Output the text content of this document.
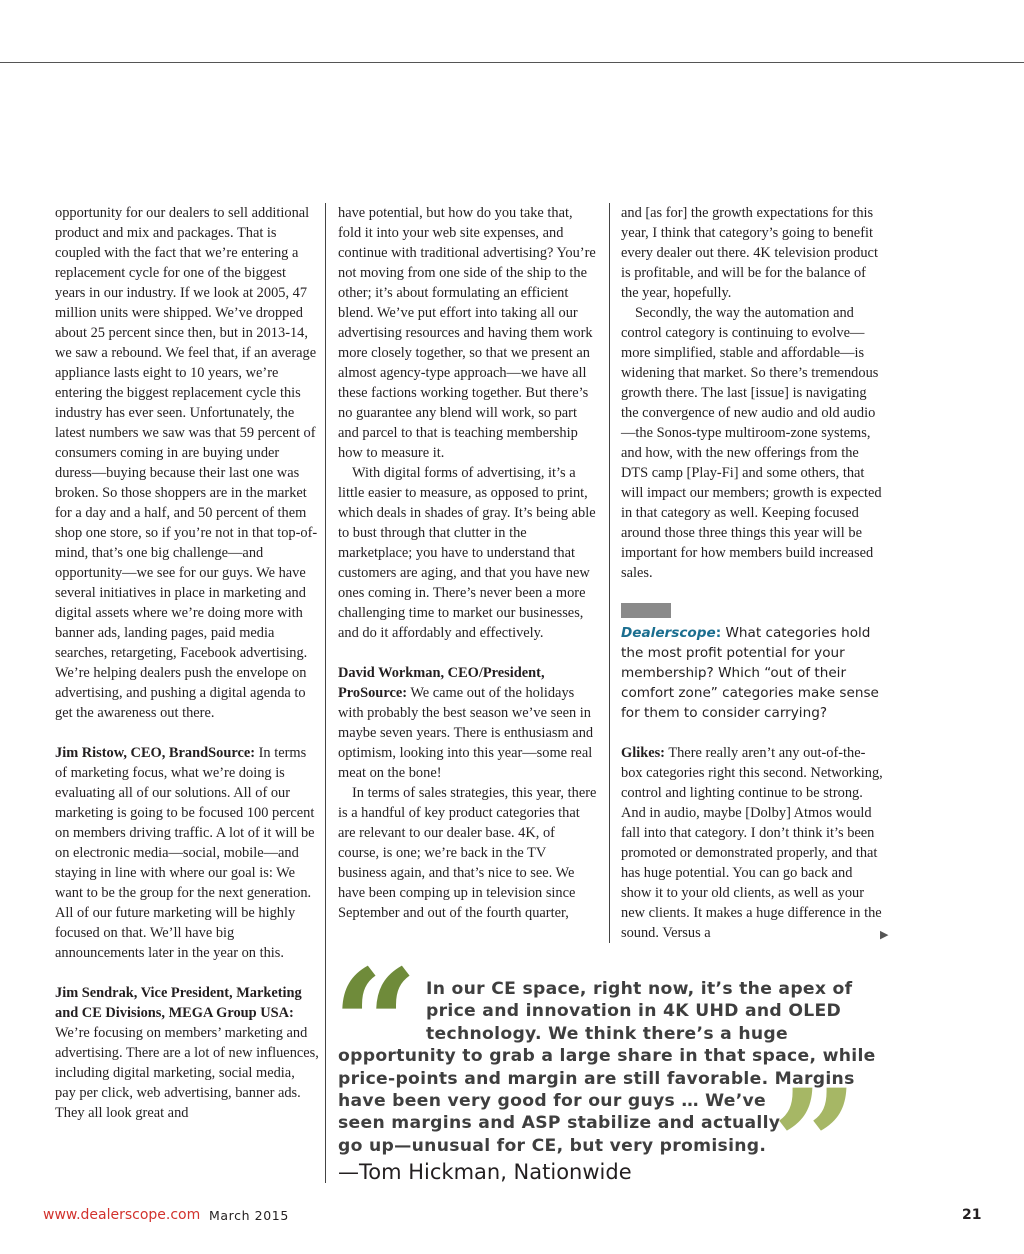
opportunity for our dealers to sell additional product and mix and packages. That is coupled with the fact that we’re entering a replacement cycle for one of the biggest years in our industry. If we look at 2005, 47 million units were shipped. We’ve dropped about 25 percent since then, but in 2013-14, we saw a rebound. We feel that, if an average appliance lasts eight to 10 years, we’re entering the biggest replacement cycle this industry has ever seen. Unfortunately, the latest numbers we saw was that 59 percent of consumers coming in are buying under duress—buying because their last one was broken. So those shoppers are in the market for a day and a half, and 50 percent of them shop one store, so if you’re not in that top-of-mind, that’s one big challenge—and opportunity—we see for our guys. We have several initiatives in place in marketing and digital assets where we’re doing more with banner ads, landing pages, paid media searches, retargeting, Facebook advertising. We’re helping dealers push the envelope on advertising, and pushing a digital agenda to get the awareness out there.

Jim Ristow, CEO, BrandSource: In terms of marketing focus, what we’re doing is evaluating all of our solutions. All of our marketing is going to be focused 100 percent on members driving traffic. A lot of it will be on electronic media—social, mobile—and staying in line with where our goal is: We want to be the group for the next generation. All of our future marketing will be highly focused on that. We’ll have big announcements later in the year on this.

Jim Sendrak, Vice President, Marketing and CE Divisions, MEGA Group USA: We’re focusing on members’ marketing and advertising. There are a lot of new influences, including digital marketing, social media, pay per click, web advertising, banner ads. They all look great and

have potential, but how do you take that, fold it into your web site expenses, and continue with traditional advertising? You’re not moving from one side of the ship to the other; it’s about formulating an efficient blend. We’ve put effort into taking all our advertising resources and having them work more closely together, so that we present an almost agency-type approach—we have all these factions working together. But there’s no guarantee any blend will work, so part and parcel to that is teaching membership how to measure it.

With digital forms of advertising, it’s a little easier to measure, as opposed to print, which deals in shades of gray. It’s being able to bust through that clutter in the marketplace; you have to understand that customers are aging, and that you have new ones coming in. There’s never been a more challenging time to market our businesses, and do it affordably and effectively.

David Workman, CEO/President, ProSource: We came out of the holidays with probably the best season we’ve seen in maybe seven years. There is enthusiasm and optimism, looking into this year—some real meat on the bone!

In terms of sales strategies, this year, there is a handful of key product categories that are relevant to our dealer base. 4K, of course, is one; we’re back in the TV business again, and that’s nice to see. We have been comping up in television since September and out of the fourth quarter,

and [as for] the growth expectations for this year, I think that category’s going to benefit every dealer out there. 4K television product is profitable, and will be for the balance of the year, hopefully.

Secondly, the way the automation and control category is continuing to evolve—more simplified, stable and affordable—is widening that market. So there’s tremendous growth there. The last [issue] is navigating the convergence of new audio and old audio—the Sonos-type multiroom-zone systems, and how, with the new offerings from the DTS camp [Play-Fi] and some others, that will impact our members; growth is expected in that category as well. Keeping focused around those three things this year will be important for how members build increased sales.

Dealerscope: What categories hold the most profit potential for your membership? Which “out of their comfort zone” categories make sense for them to consider carrying?

Glikes: There really aren’t any out-of-the-box categories right this second. Networking, control and lighting continue to be strong. And in audio, maybe [Dolby] Atmos would fall into that category. I don’t think it’s been promoted or demonstrated properly, and that has huge potential. You can go back and show it to your old clients, as well as your new clients. It makes a huge difference in the sound. Versus a	▶
“ In our CE space, right now, it’s the apex of
price and innovation in 4K UHD and OLED
technology. We think there’s a huge
opportunity to grab a large share in that space, while
price-points and margin are still favorable. Margins
have been very good for our guys … We’ve
seen margins and ASP stabilize and actually
go up—unusual for CE, but very promising. ”
—Tom Hickman, Nationwide
www.dealerscope.com March 2015	21
